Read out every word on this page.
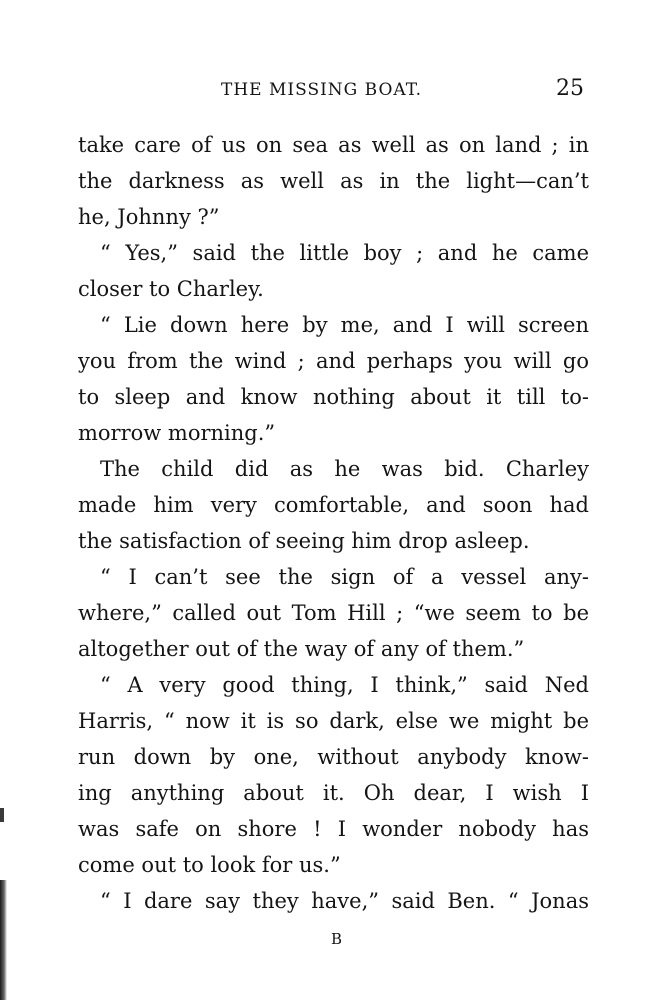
THE MISSING BOAT.	25
take care of us on sea as well as on land ; in
the darkness as well as in the light—can’t
he, Johnny ?”
“ Yes,” said the little boy ; and he came
closer to Charley.
“ Lie down here by me, and I will screen
you from the wind ; and perhaps you will go
to sleep and know nothing about it till to-
morrow morning.”
The child did as he was bid. Charley
made him very comfortable, and soon had
the satisfaction of seeing him drop asleep.
“ I can’t see the sign of a vessel any-
where,” called out Tom Hill ; “we seem to be
altogether out of the way of any of them.”
“ A very good thing, I think,” said Ned
Harris, “ now it is so dark, else we might be
run down by one, without anybody know-
ing anything about it. Oh dear, I wish I
was safe on shore ! I wonder nobody has
come out to look for us.”
“ I dare say they have,” said Ben. “ Jonas
B
